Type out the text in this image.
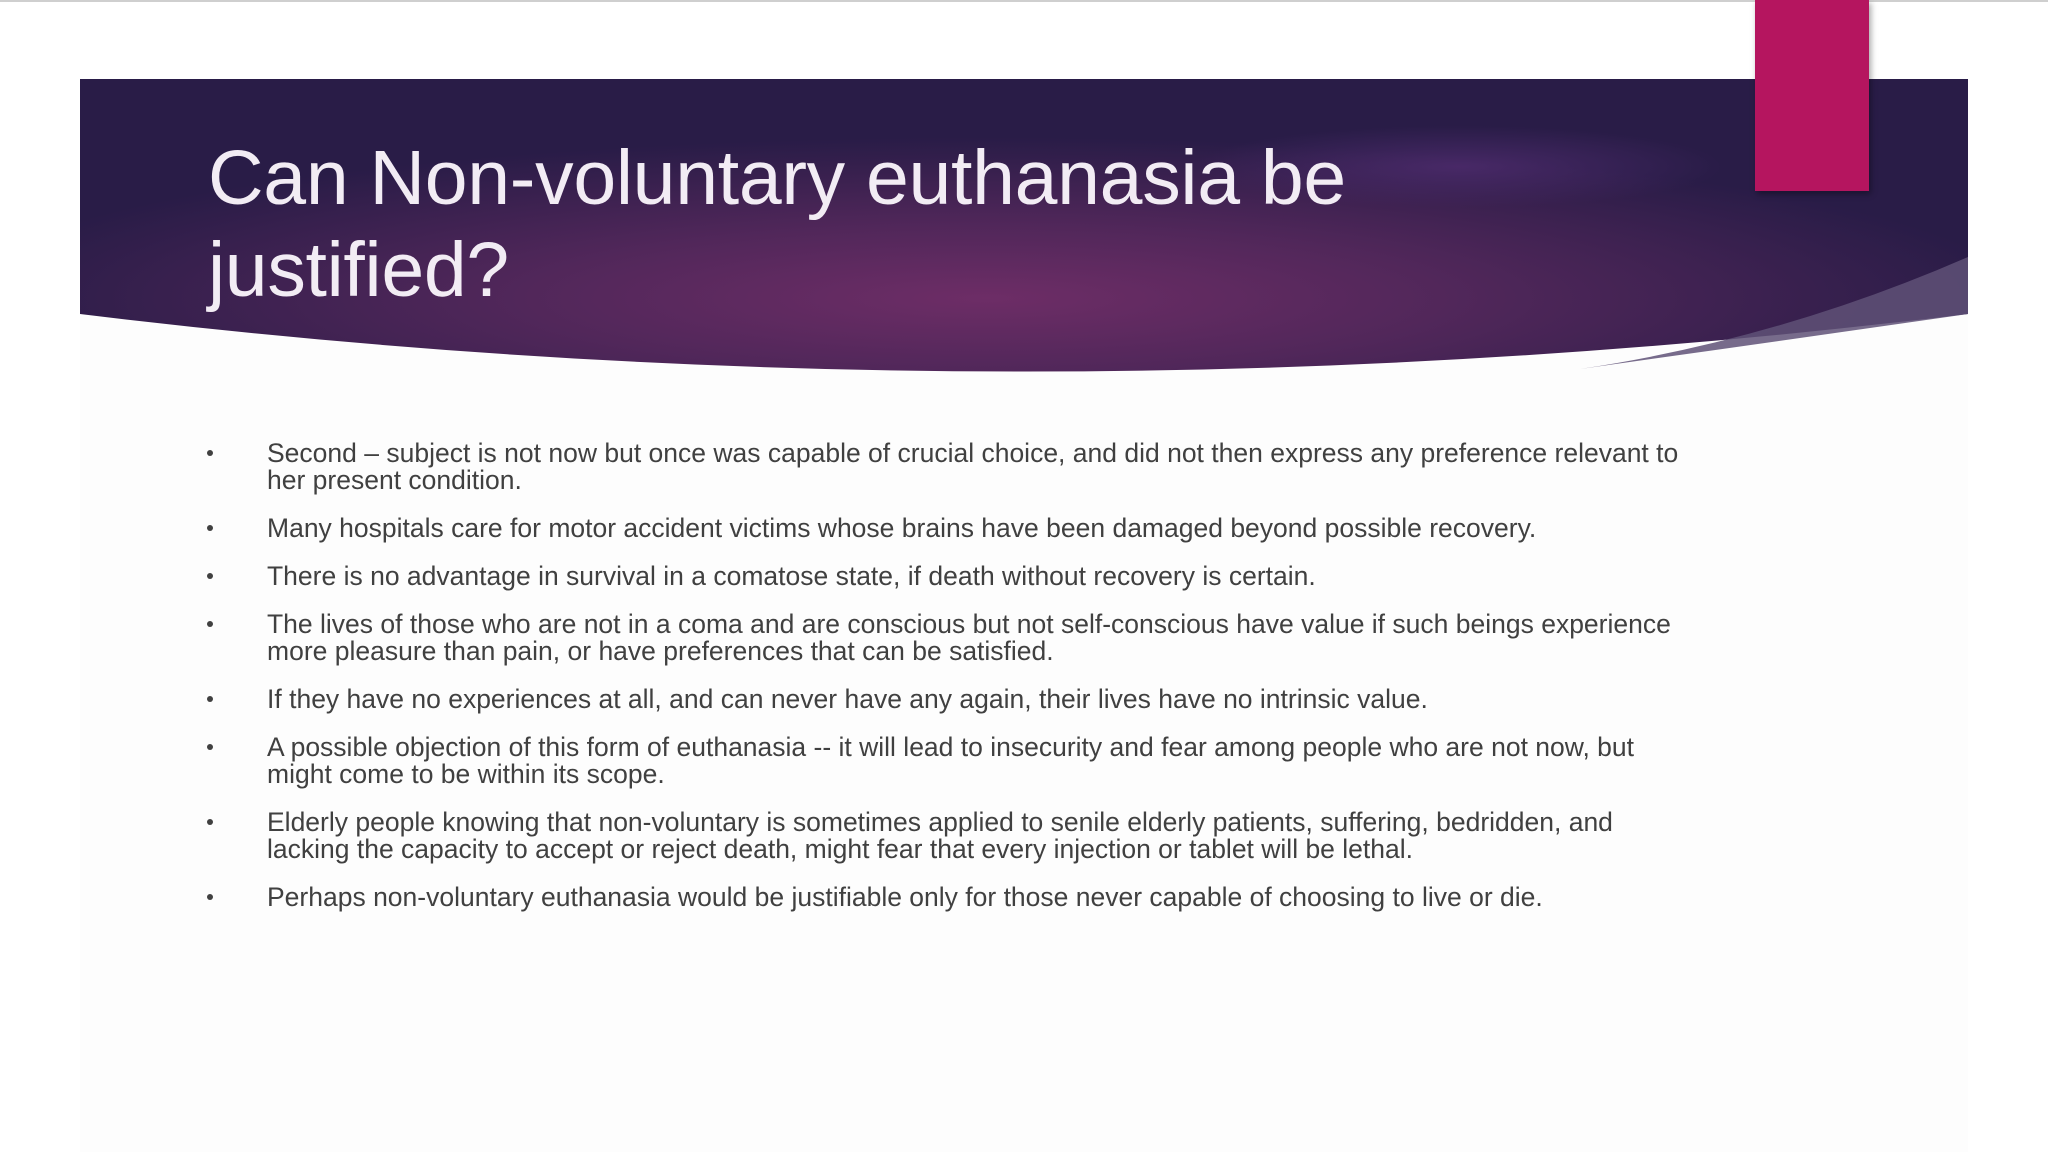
Can Non-voluntary euthanasia be justified?
Second – subject is not now but once was capable of crucial choice, and did not then express any preference relevant to her present condition.
Many hospitals care for motor accident victims whose brains have been damaged beyond possible recovery.
There is no advantage in survival in a comatose state, if death without recovery is certain.
The lives of those who are not in a coma and are conscious but not self-conscious have value if such beings experience more pleasure than pain, or have preferences that can be satisfied.
If they have no experiences at all, and can never have any again, their lives have no intrinsic value.
A possible objection of this form of euthanasia -- it will lead to insecurity and fear among people who are not now, but might come to be within its scope.
Elderly people knowing that non-voluntary is sometimes applied to senile elderly patients, suffering, bedridden, and lacking the capacity to accept or reject death, might fear that every injection or tablet will be lethal.
Perhaps non-voluntary euthanasia would be justifiable only for those never capable of choosing to live or die.
